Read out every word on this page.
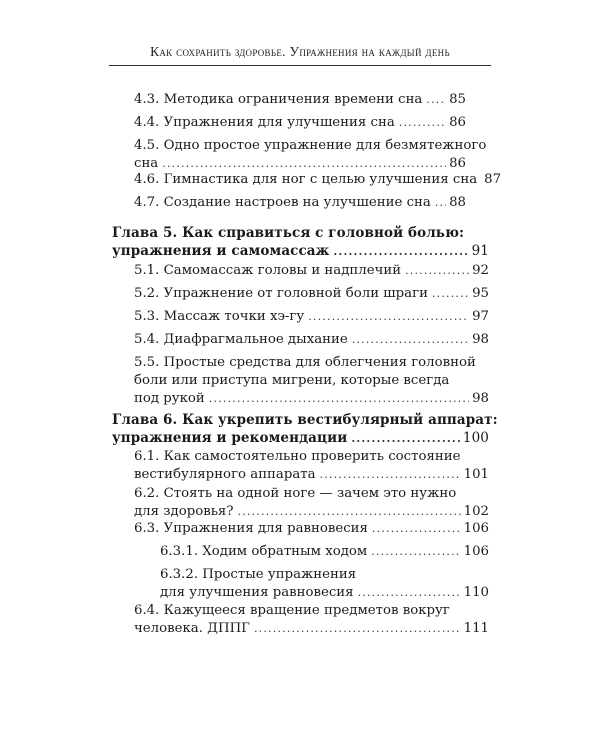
Как сохранить здоровье. Упражнения на каждый день
4.3. Методика ограничения времени сна ..... 85
4.4. Упражнения для улучшения сна .....	86
4.5. Одно простое упражнение для безмятежного
сна .....	86
4.6. Гимнастика для ног с целью улучшения сна 87
4.7. Создание настроев на улучшение сна ..... 88
Глава 5. Как справиться с головной болью:
упражнения и самомассаж .....	91
5.1. Самомассаж головы и надплечий .....	92
5.2. Упражнение от головной боли шраги .....	95
5.3. Массаж точки хэ-гу .....	97
5.4. Диафрагмальное дыхание .....	98
5.5. Простые средства для облегчения головной
боли или приступа мигрени, которые всегда
под рукой .....	98
Глава 6. Как укрепить вестибулярный аппарат:
упражнения и рекомендации .....	100
6.1. Как самостоятельно проверить состояние
вестибулярного аппарата .....	101
6.2. Стоять на одной ноге — зачем это нужно
для здоровья? .....	102
6.3. Упражнения для равновесия .....	106
6.3.1. Ходим обратным ходом .....	106
6.3.2. Простые упражнения
для улучшения равновесия .....	110
6.4. Кажущееся вращение предметов вокруг
человека. ДППГ .....	111
